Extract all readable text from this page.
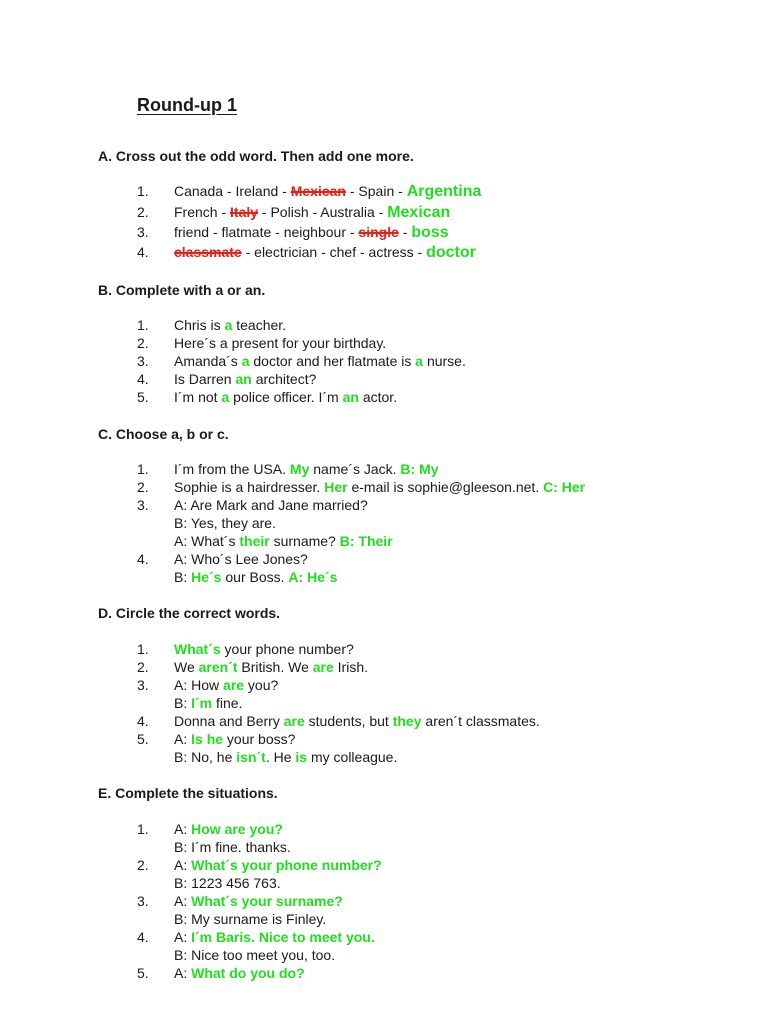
Round-up 1
A. Cross out the odd word. Then add one more.
1.	Canada - Ireland - Mexican - Spain - Argentina
2.	French - Italy - Polish - Australia - Mexican
3.	friend - flatmate - neighbour - single - boss
4.	classmate - electrician - chef - actress - doctor
B. Complete with a or an.
1.	Chris is a teacher.
2.	Here´s a present for your birthday.
3.	Amanda´s a doctor and her flatmate is a nurse.
4.	Is Darren an architect?
5.	I´m not a police officer. I´m an actor.
C. Choose a, b or c.
1.	I´m from the USA. My name´s Jack. B: My
2.	Sophie is a hairdresser. Her e-mail is sophie@gleeson.net. C: Her
3.	A: Are Mark and Jane married?
B: Yes, they are.
A: What´s their surname? B: Their
4.	A: Who´s Lee Jones?
B: He´s our Boss. A: He´s
D. Circle the correct words.
1.	What´s your phone number?
2.	We aren´t British. We are Irish.
3.	A: How are you?
B: I´m fine.
4.	Donna and Berry are students, but they aren´t classmates.
5.	A: Is he your boss?
B: No, he isn´t. He is my colleague.
E. Complete the situations.
1.	A: How are you?
B: I´m fine. thanks.
2.	A: What´s your phone number?
B: 1223 456 763.
3.	A: What´s your surname?
B: My surname is Finley.
4.	A: I´m Baris. Nice to meet you.
B: Nice too meet you, too.
5.	A: What do you do?
